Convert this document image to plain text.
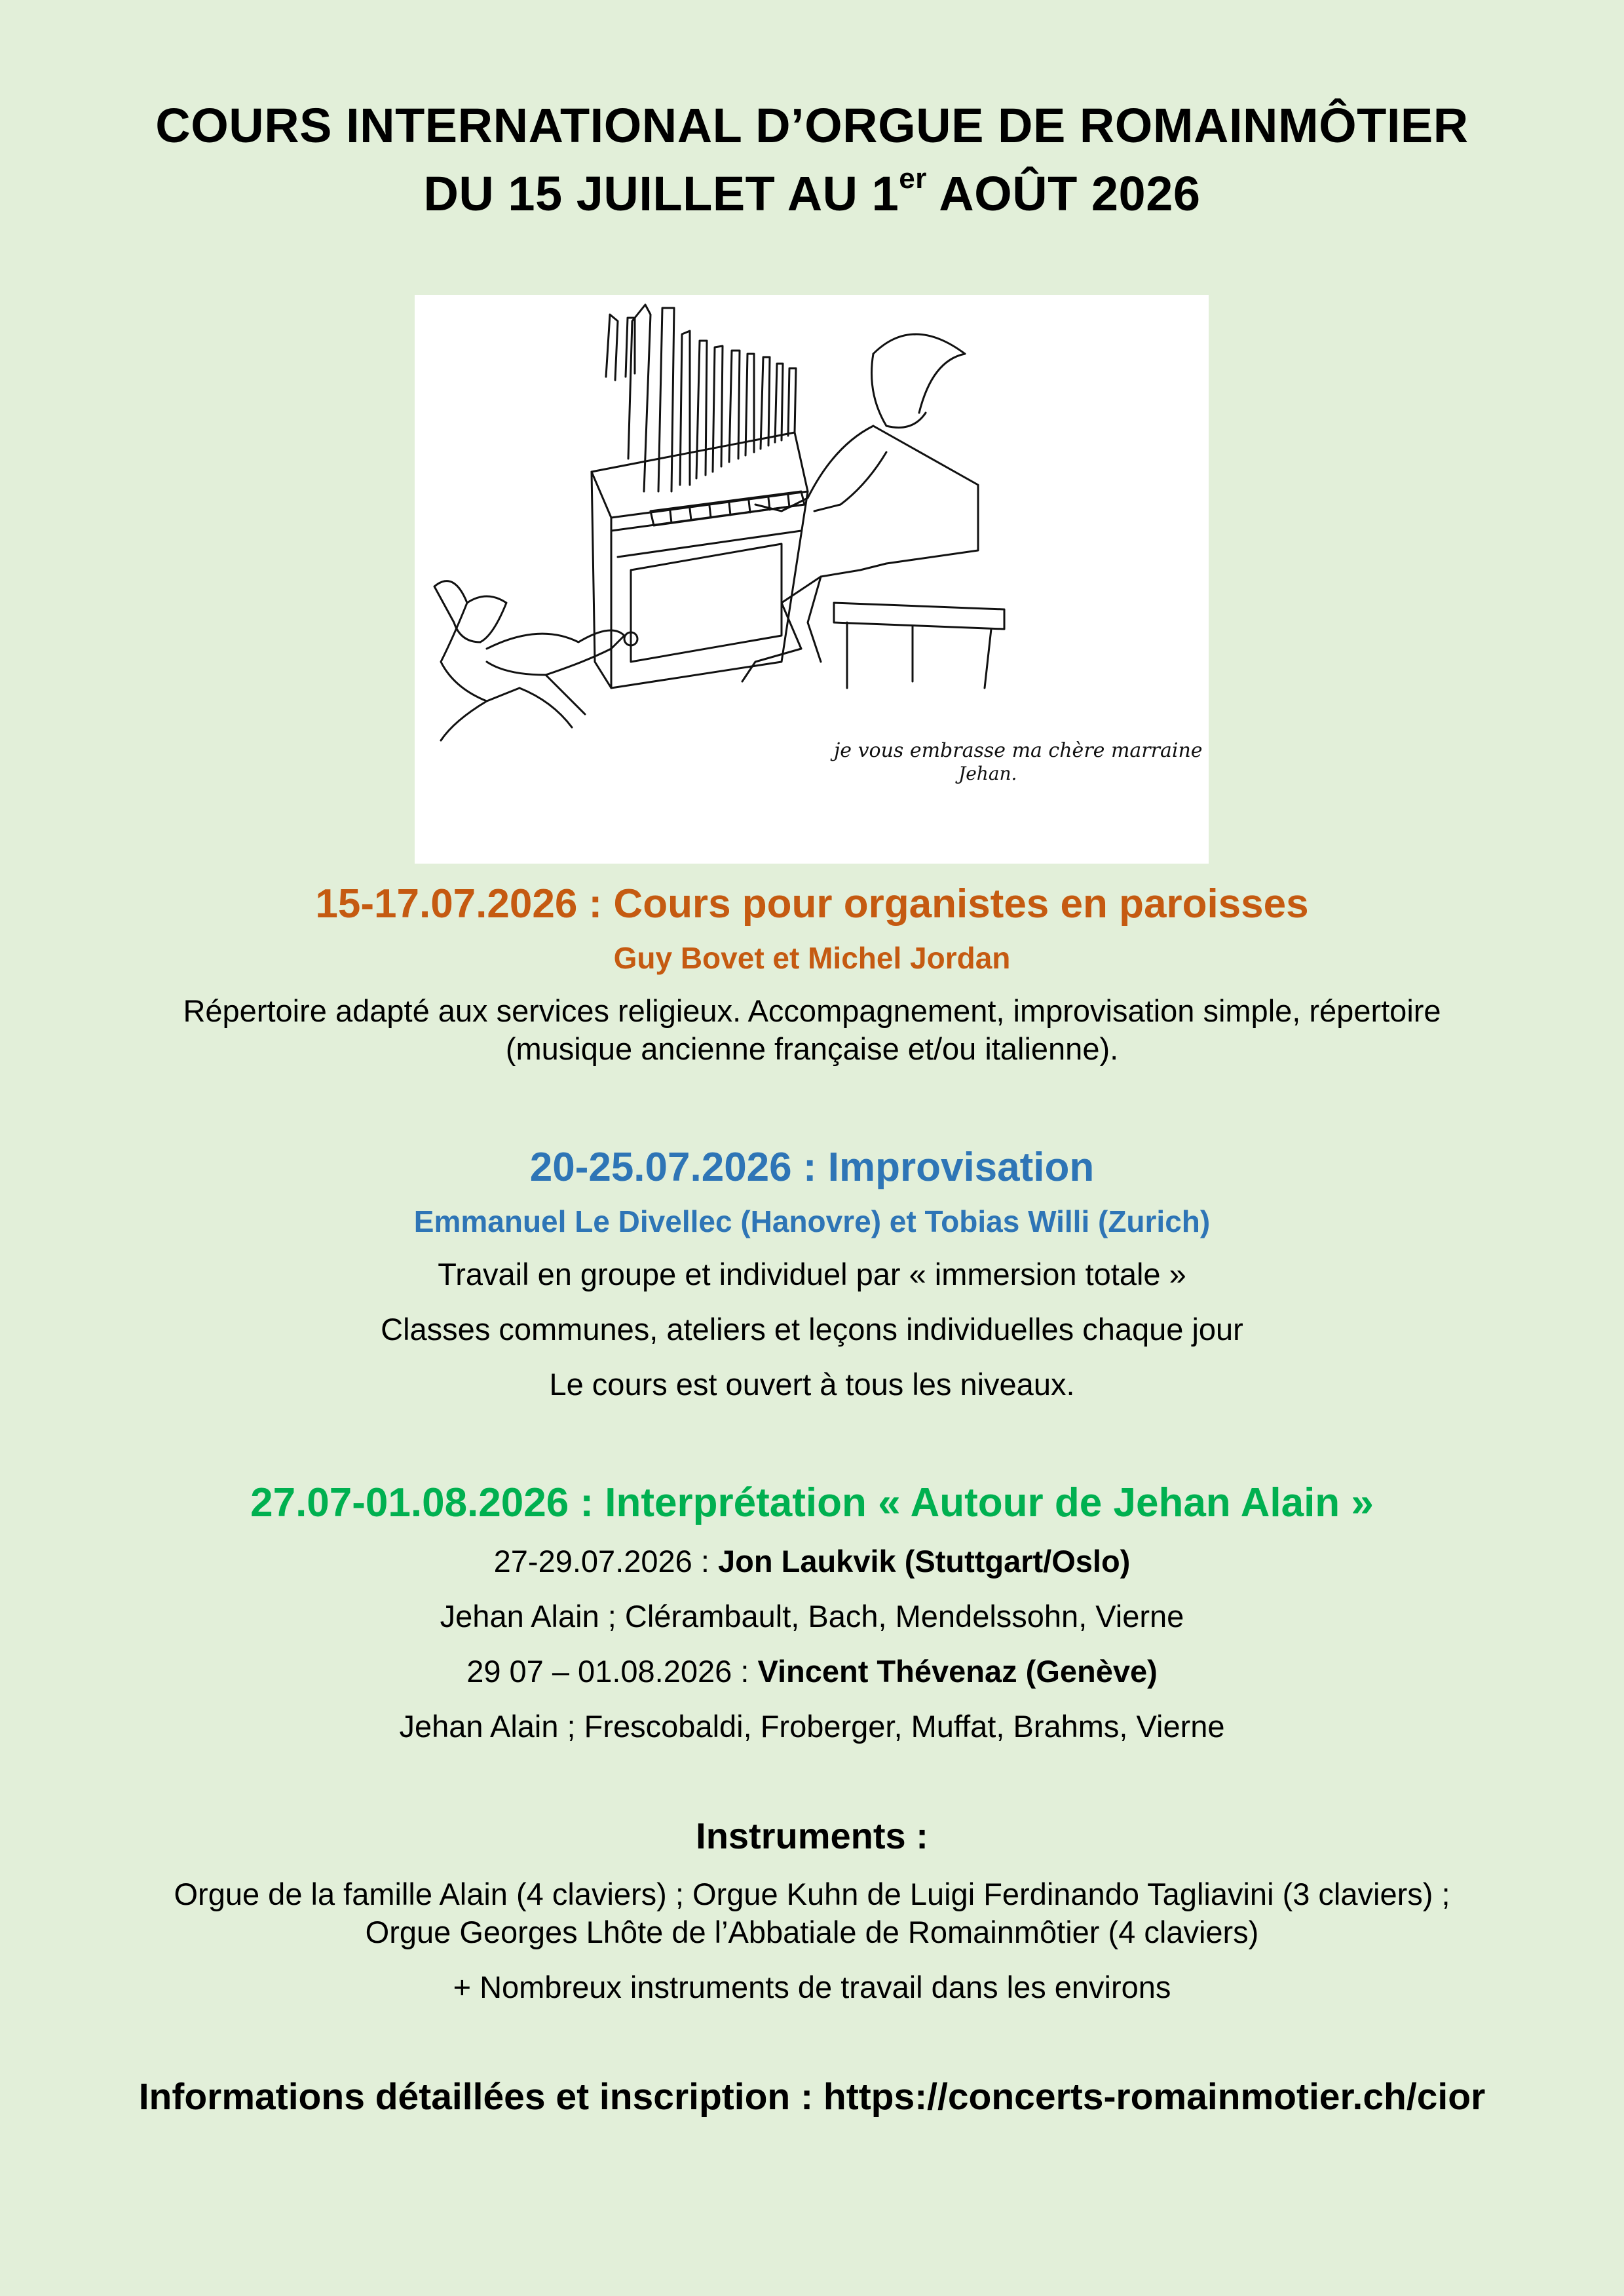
COURS INTERNATIONAL D’ORGUE DE ROMAINMÔTIER
DU 15 JUILLET AU 1er AOÛT 2026
je vous embrasse ma chère marraine
Jehan.
15-17.07.2026 : Cours pour organistes en paroisses
Guy Bovet et Michel Jordan
Répertoire adapté aux services religieux. Accompagnement, improvisation simple, répertoire
(musique ancienne française et/ou italienne).
20-25.07.2026 : Improvisation
Emmanuel Le Divellec (Hanovre) et Tobias Willi (Zurich)
Travail en groupe et individuel par « immersion totale »
Classes communes, ateliers et leçons individuelles chaque jour
Le cours est ouvert à tous les niveaux.
27.07-01.08.2026 : Interprétation « Autour de Jehan Alain »
27-29.07.2026 : Jon Laukvik (Stuttgart/Oslo)
Jehan Alain ; Clérambault, Bach, Mendelssohn, Vierne
29 07 – 01.08.2026 : Vincent Thévenaz (Genève)
Jehan Alain ; Frescobaldi, Froberger, Muffat, Brahms, Vierne
Instruments :
Orgue de la famille Alain (4 claviers) ; Orgue Kuhn de Luigi Ferdinando Tagliavini (3 claviers) ;
Orgue Georges Lhôte de l’Abbatiale de Romainmôtier (4 claviers)
+ Nombreux instruments de travail dans les environs
Informations détaillées et inscription : https://concerts-romainmotier.ch/cior
